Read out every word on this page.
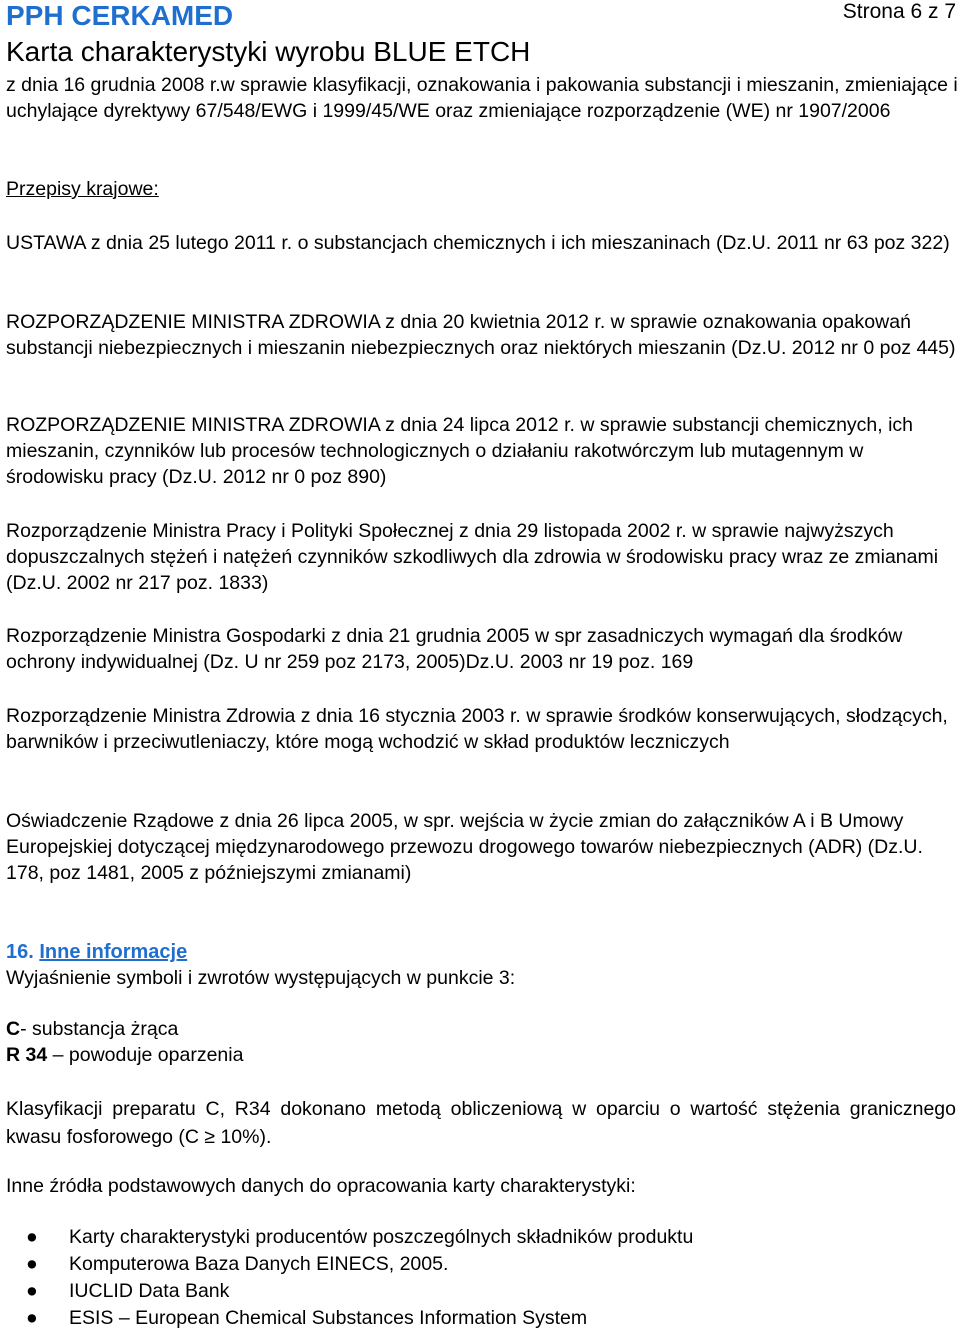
PPH CERKAMED	Strona 6 z 7
Karta charakterystyki wyrobu BLUE ETCH
z dnia 16 grudnia 2008 r.w sprawie klasyfikacji, oznakowania i pakowania substancji i mieszanin, zmieniające i uchylające dyrektywy 67/548/EWG i 1999/45/WE oraz zmieniające rozporządzenie (WE) nr 1907/2006
Przepisy krajowe:
USTAWA z dnia 25 lutego 2011 r. o substancjach chemicznych i ich mieszaninach (Dz.U. 2011 nr 63 poz 322)
ROZPORZĄDZENIE MINISTRA ZDROWIA z dnia 20 kwietnia 2012 r. w sprawie oznakowania opakowań substancji niebezpiecznych i mieszanin niebezpiecznych oraz niektórych mieszanin (Dz.U. 2012 nr 0 poz 445)
ROZPORZĄDZENIE MINISTRA ZDROWIA z dnia 24 lipca 2012 r. w sprawie substancji chemicznych, ich mieszanin, czynników lub procesów technologicznych o działaniu rakotwórczym lub mutagennym w środowisku pracy (Dz.U. 2012 nr 0 poz 890)
Rozporządzenie Ministra Pracy i Polityki Społecznej z dnia 29 listopada 2002 r. w sprawie najwyższych dopuszczalnych stężeń i natężeń czynników szkodliwych dla zdrowia w środowisku pracy wraz ze zmianami (Dz.U. 2002 nr 217 poz. 1833)
Rozporządzenie Ministra Gospodarki z dnia 21 grudnia 2005 w spr zasadniczych wymagań dla środków ochrony indywidualnej (Dz. U nr 259 poz 2173, 2005)Dz.U. 2003 nr 19 poz. 169
Rozporządzenie Ministra Zdrowia z dnia 16 stycznia 2003 r. w sprawie środków konserwujących, słodzących, barwników i przeciwutleniaczy, które mogą wchodzić w skład produktów leczniczych
Oświadczenie Rządowe z dnia 26 lipca 2005, w spr. wejścia w życie zmian do załączników A i B Umowy Europejskiej dotyczącej międzynarodowego przewozu drogowego towarów niebezpiecznych (ADR) (Dz.U. 178, poz 1481, 2005 z późniejszymi zmianami)
16. Inne informacje
Wyjaśnienie symboli i zwrotów występujących w punkcie 3:
C- substancja żrąca
R 34 – powoduje oparzenia
Klasyfikacji preparatu C, R34 dokonano metodą obliczeniową w oparciu o wartość stężenia granicznego kwasu fosforowego (C ≥ 10%).
Inne źródła podstawowych danych do opracowania karty charakterystyki:
● Karty charakterystyki producentów poszczególnych składników produktu
● Komputerowa Baza Danych EINECS, 2005.
● IUCLID Data Bank
● ESIS – European Chemical Substances Information System
